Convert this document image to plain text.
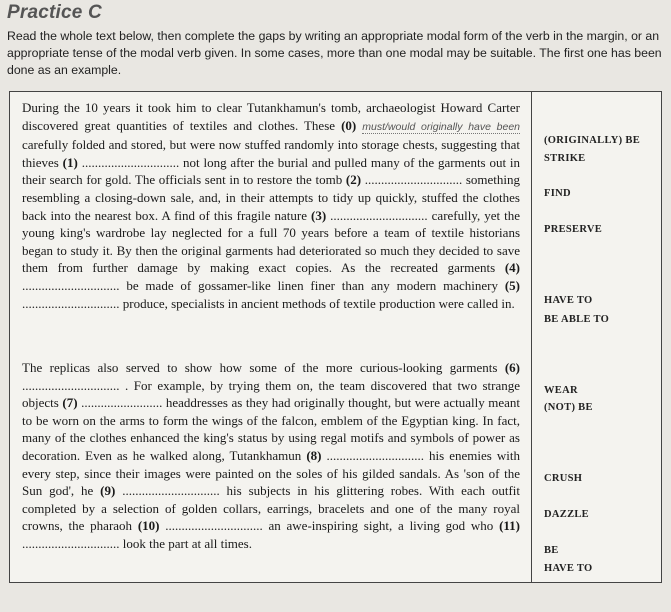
Practice C
Read the whole text below, then complete the gaps by writing an appropriate modal form of the verb in the margin, or an appropriate tense of the modal verb given. In some cases, more than one modal may be suitable. The first one has been done as an example.
During the 10 years it took him to clear Tutankhamun's tomb, archaeologist Howard Carter discovered great quantities of textiles and clothes. These (0) must/would originally have been carefully folded and stored, but were now stuffed randomly into storage chests, suggesting that thieves (1) .............................. not long after the burial and pulled many of the garments out in their search for gold. The officials sent in to restore the tomb (2) .............................. something resembling a closing-down sale, and, in their attempts to tidy up quickly, stuffed the clothes back into the nearest box. A find of this fragile nature (3) .............................. carefully, yet the young king's wardrobe lay neglected for a full 70 years before a team of textile historians began to study it. By then the original garments had deteriorated so much they decided to save them from further damage by making exact copies. As the recreated garments (4) .............................. be made of gossamer-like linen finer than any modern machinery (5) .............................. produce, specialists in ancient methods of textile production were called in.
The replicas also served to show how some of the more curious-looking garments (6) .............................. . For example, by trying them on, the team discovered that two strange objects (7) ......................... headdresses as they had originally thought, but were actually meant to be worn on the arms to form the wings of the falcon, emblem of the Egyptian king. In fact, many of the clothes enhanced the king's status by using regal motifs and symbols of power as decoration. Even as he walked along, Tutankhamun (8) .............................. his enemies with every step, since their images were painted on the soles of his gilded sandals. As 'son of the Sun god', he (9) .............................. his subjects in his glittering robes. With each outfit completed by a selection of golden collars, earrings, bracelets and one of the many royal crowns, the pharaoh (10) .............................. an awe-inspiring sight, a living god who (11) .............................. look the part at all times.
(ORIGINALLY) BE
STRIKE
FIND
PRESERVE
HAVE TO
BE ABLE TO
WEAR
(NOT) BE
CRUSH
DAZZLE
BE
HAVE TO
